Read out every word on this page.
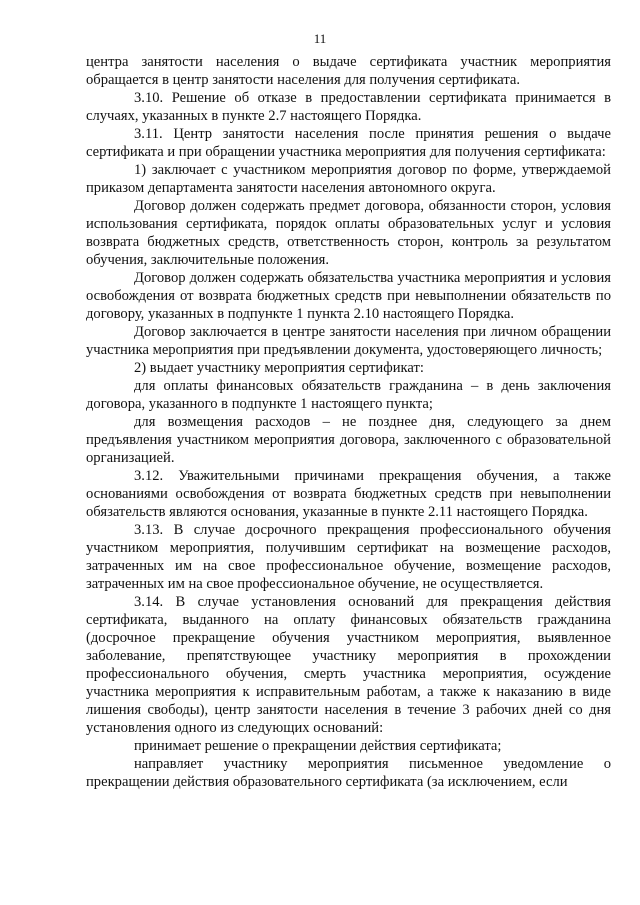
11

центра занятости населения о выдаче сертификата участник мероприятия обращается в центр занятости населения для получения сертификата.

3.10. Решение об отказе в предоставлении сертификата принимается в случаях, указанных в пункте 2.7 настоящего Порядка.

3.11. Центр занятости населения после принятия решения о выдаче сертификата и при обращении участника мероприятия для получения сертификата:

1) заключает с участником мероприятия договор по форме, утверждаемой приказом департамента занятости населения автономного округа.

Договор должен содержать предмет договора, обязанности сторон, условия использования сертификата, порядок оплаты образовательных услуг и условия возврата бюджетных средств, ответственность сторон, контроль за результатом обучения, заключительные положения.

Договор должен содержать обязательства участника мероприятия и условия освобождения от возврата бюджетных средств при невыполнении обязательств по договору, указанных в подпункте 1 пункта 2.10 настоящего Порядка.

Договор заключается в центре занятости населения при личном обращении участника мероприятия при предъявлении документа, удостоверяющего личность;

2) выдает участнику мероприятия сертификат:

для оплаты финансовых обязательств гражданина – в день заключения договора, указанного в подпункте 1 настоящего пункта;

для возмещения расходов – не позднее дня, следующего за днем предъявления участником мероприятия договора, заключенного с образовательной организацией.

3.12. Уважительными причинами прекращения обучения, а также основаниями освобождения от возврата бюджетных средств при невыполнении обязательств являются основания, указанные в пункте 2.11 настоящего Порядка.

3.13. В случае досрочного прекращения профессионального обучения участником мероприятия, получившим сертификат на возмещение расходов, затраченных им на свое профессиональное обучение, возмещение расходов, затраченных им на свое профессиональное обучение, не осуществляется.

3.14. В случае установления оснований для прекращения действия сертификата, выданного на оплату финансовых обязательств гражданина (досрочное прекращение обучения участником мероприятия, выявленное заболевание, препятствующее участнику мероприятия в прохождении профессионального обучения, смерть участника мероприятия, осуждение участника мероприятия к исправительным работам, а также к наказанию в виде лишения свободы), центр занятости населения в течение 3 рабочих дней со дня установления одного из следующих оснований:

принимает решение о прекращении действия сертификата;

направляет участнику мероприятия письменное уведомление о прекращении действия образовательного сертификата (за исключением, если
